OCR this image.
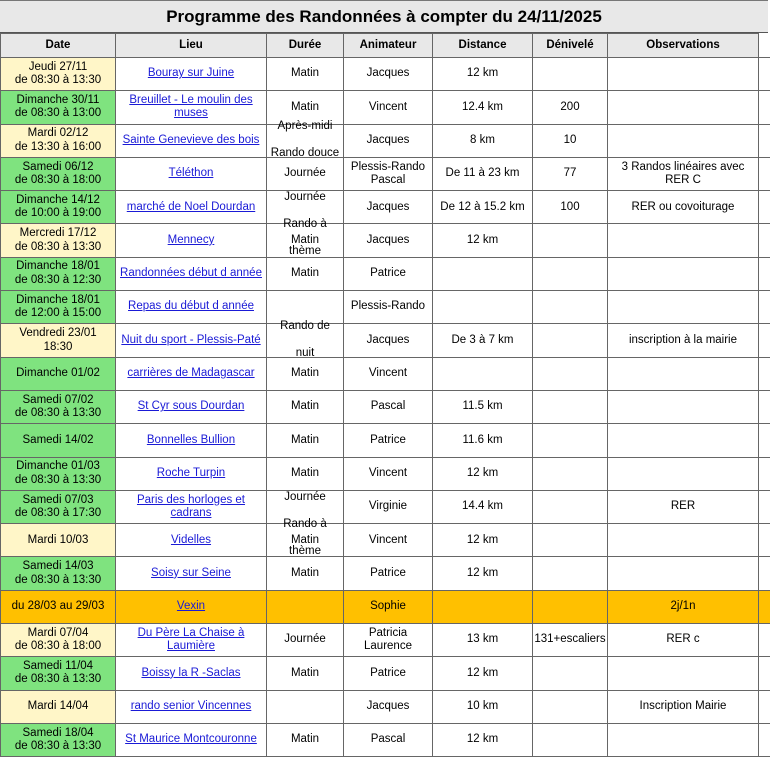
Programme des Randonnées à compter du 24/11/2025
Date	Lieu	Durée	Animateur	Distance	Dénivelé	Observations	
Jeudi 27/11
de 08:30 à 13:30	Bouray sur Juine	Matin	Jacques	12 km			
Dimanche 30/11
de 08:30 à 13:00	Breuillet - Le moulin des
muses	Matin	Vincent	12.4 km	200		
Mardi 02/12
de 13:30 à 16:00	Sainte Genevieve des bois	Après-midi

Rando douce	Jacques	8 km	10		
Samedi 06/12
de 08:30 à 18:00	Téléthon	Journée	Plessis-Rando
Pascal	De 11 à 23 km	77	3 Randos linéaires avec
RER C	
Dimanche 14/12
de 10:00 à 19:00	marché de Noel Dourdan	Journée

Rando à

thème	Jacques	De 12 à 15.2 km	100	RER ou covoiturage	
Mercredi 17/12
de 08:30 à 13:30	Mennecy	Matin	Jacques	12 km			
Dimanche 18/01
de 08:30 à 12:30	Randonnées début d année	Matin	Patrice				
Dimanche 18/01
de 12:00 à 15:00	Repas du début d année		Plessis-Rando				
Vendredi 23/01
18:30	Nuit du sport - Plessis-Paté	Rando de

nuit	Jacques	De 3 à 7 km		inscription à la mairie	
Dimanche 01/02	carrières de Madagascar	Matin	Vincent				
Samedi 07/02
de 08:30 à 13:30	St Cyr sous Dourdan	Matin	Pascal	11.5 km			
Samedi 14/02	Bonnelles Bullion	Matin	Patrice	11.6 km			
Dimanche 01/03
de 08:30 à 13:30	Roche Turpin	Matin	Vincent	12 km			
Samedi 07/03
de 08:30 à 17:30	Paris des horloges et
cadrans	Journée

Rando à

thème	Virginie	14.4 km		RER	
Mardi 10/03	Videlles	Matin	Vincent	12 km			
Samedi 14/03
de 08:30 à 13:30	Soisy sur Seine	Matin	Patrice	12 km			
du 28/03 au 29/03	Vexin		Sophie			2j/1n	
Mardi 07/04
de 08:30 à 18:00	Du Père La Chaise à
Laumière	Journée	Patricia
Laurence	13 km	131+escaliers	RER c	
Samedi 11/04
de 08:30 à 13:30	Boissy la R -Saclas	Matin	Patrice	12 km			
Mardi 14/04	rando senior Vincennes		Jacques	10 km		Inscription Mairie	
Samedi 18/04
de 08:30 à 13:30	St Maurice Montcouronne	Matin	Pascal	12 km			
